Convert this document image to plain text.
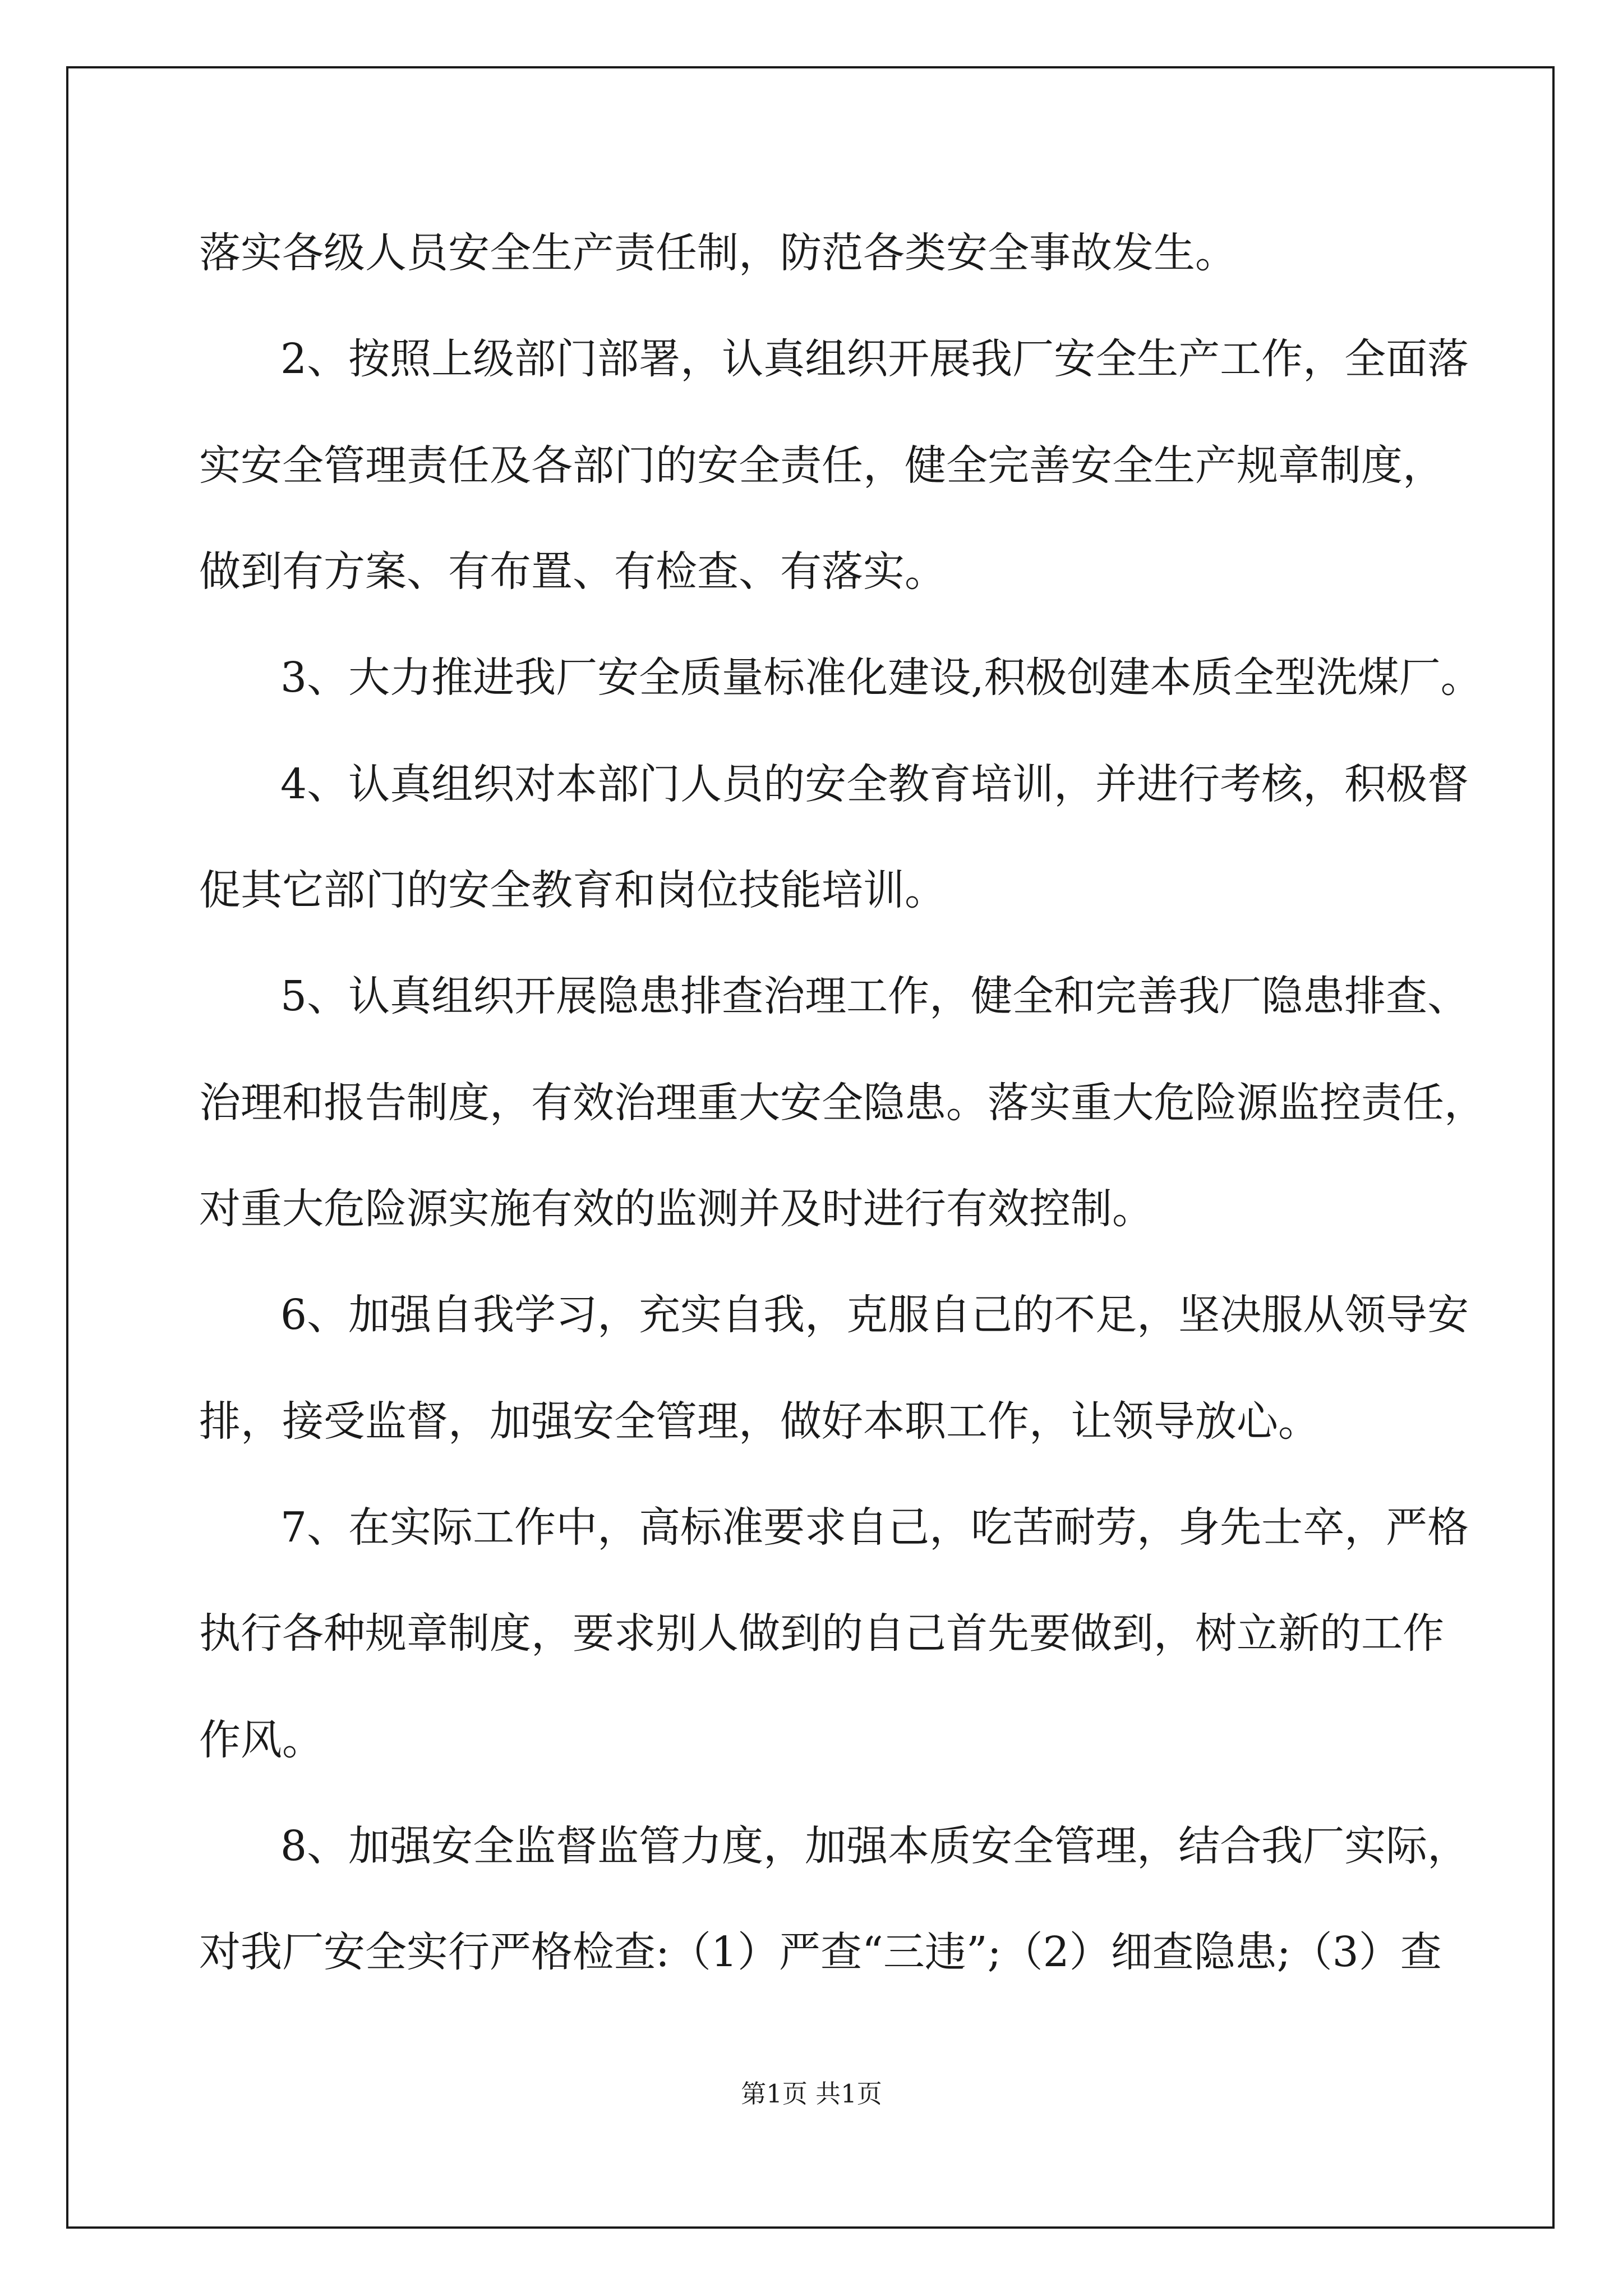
落实各级人员安全生产责任制，防范各类安全事故发生。
2、按照上级部门部署，认真组织开展我厂安全生产工作，全面落
实安全管理责任及各部门的安全责任，健全完善安全生产规章制度，
做到有方案、有布置、有检查、有落实。
3、大力推进我厂安全质量标准化建设,积极创建本质全型洗煤厂。
4、认真组织对本部门人员的安全教育培训，并进行考核，积极督
促其它部门的安全教育和岗位技能培训。
5、认真组织开展隐患排查治理工作，健全和完善我厂隐患排查、
治理和报告制度，有效治理重大安全隐患。落实重大危险源监控责任，
对重大危险源实施有效的监测并及时进行有效控制。
6、加强自我学习，充实自我，克服自己的不足，坚决服从领导安
排，接受监督，加强安全管理，做好本职工作，让领导放心。
7、在实际工作中，高标准要求自己，吃苦耐劳，身先士卒，严格
执行各种规章制度，要求别人做到的自己首先要做到，树立新的工作
作风。
8、加强安全监督监管力度，加强本质安全管理，结合我厂实际，
对我厂安全实行严格检查:（1）严查“三违”;（2）细查隐患;（3）查
第1页 共1页
